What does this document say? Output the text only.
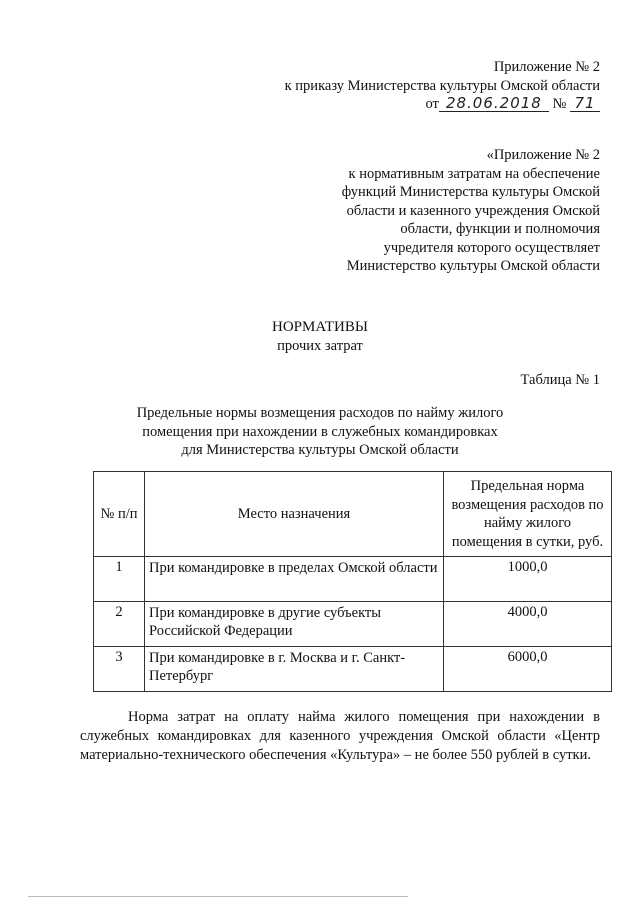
Приложение № 2
к приказу Министерства культуры Омской области
от 28.06.2018 № 71
«Приложение № 2
к нормативным затратам на обеспечение
функций Министерства культуры Омской
области и казенного учреждения Омской
области, функции и полномочия
учредителя которого осуществляет
Министерство культуры Омской области
НОРМАТИВЫ
прочих затрат
Таблица № 1
Предельные нормы возмещения расходов по найму жилого
помещения при нахождении в служебных командировках
для Министерства культуры Омской области
№ п/п	Место назначения	Предельная норма возмещения расходов по найму жилого помещения в сутки, руб.
1	При командировке в пределах Омской области	1000,0
2	При командировке в другие субъекты Российской Федерации	4000,0
3	При командировке в г. Москва и г. Санкт-Петербург	6000,0
Норма затрат на оплату найма жилого помещения при нахождении в служебных командировках для казенного учреждения Омской области «Центр материально-технического обеспечения «Культура» – не более 550 рублей в сутки.
